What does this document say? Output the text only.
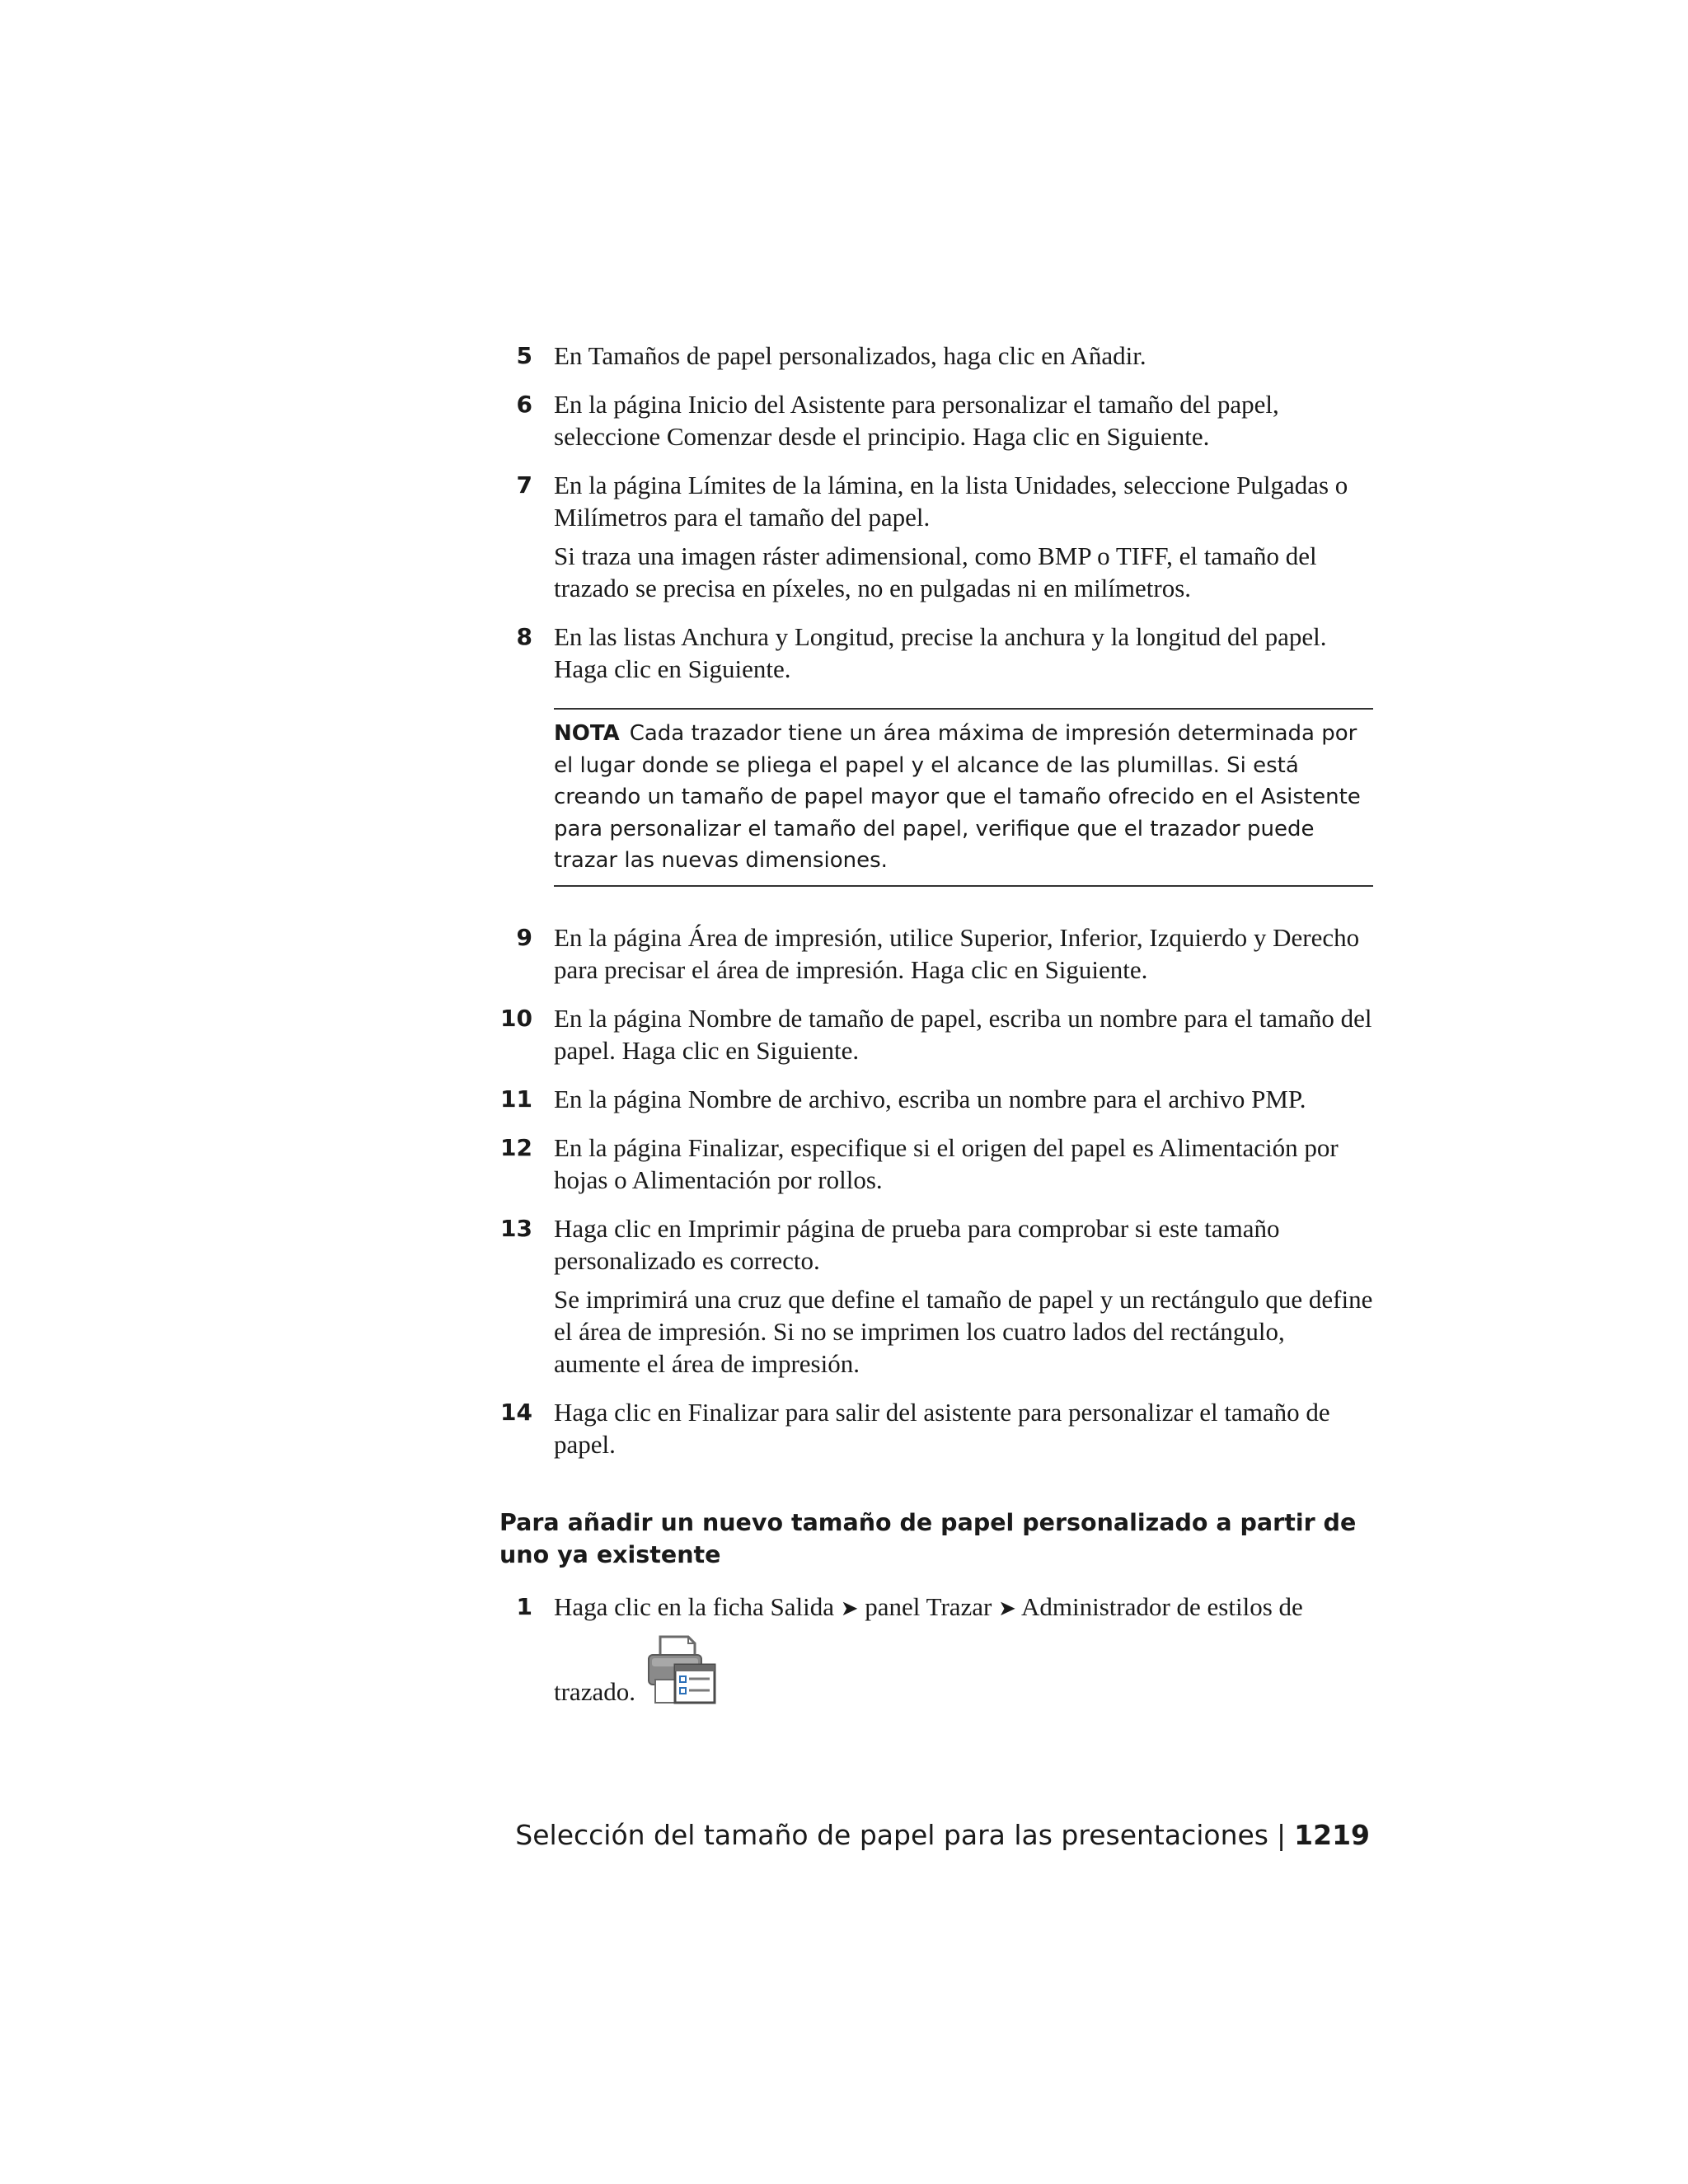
5 En Tamaños de papel personalizados, haga clic en Añadir.
6 En la página Inicio del Asistente para personalizar el tamaño del papel, seleccione Comenzar desde el principio. Haga clic en Siguiente.
7 En la página Límites de la lámina, en la lista Unidades, seleccione Pulgadas o Milímetros para el tamaño del papel.
Si traza una imagen ráster adimensional, como BMP o TIFF, el tamaño del trazado se precisa en píxeles, no en pulgadas ni en milímetros.
8 En las listas Anchura y Longitud, precise la anchura y la longitud del papel. Haga clic en Siguiente.
NOTA Cada trazador tiene un área máxima de impresión determinada por el lugar donde se pliega el papel y el alcance de las plumillas. Si está creando un tamaño de papel mayor que el tamaño ofrecido en el Asistente para personalizar el tamaño del papel, verifique que el trazador puede trazar las nuevas dimensiones.
9 En la página Área de impresión, utilice Superior, Inferior, Izquierdo y Derecho para precisar el área de impresión. Haga clic en Siguiente.
10 En la página Nombre de tamaño de papel, escriba un nombre para el tamaño del papel. Haga clic en Siguiente.
11 En la página Nombre de archivo, escriba un nombre para el archivo PMP.
12 En la página Finalizar, especifique si el origen del papel es Alimentación por hojas o Alimentación por rollos.
13 Haga clic en Imprimir página de prueba para comprobar si este tamaño personalizado es correcto.
Se imprimirá una cruz que define el tamaño de papel y un rectángulo que define el área de impresión. Si no se imprimen los cuatro lados del rectángulo, aumente el área de impresión.
14 Haga clic en Finalizar para salir del asistente para personalizar el tamaño de papel.
Para añadir un nuevo tamaño de papel personalizado a partir de uno ya existente
1 Haga clic en la ficha Salida ➤ panel Trazar ➤ Administrador de estilos de
trazado.
Selección del tamaño de papel para las presentaciones | 1219
